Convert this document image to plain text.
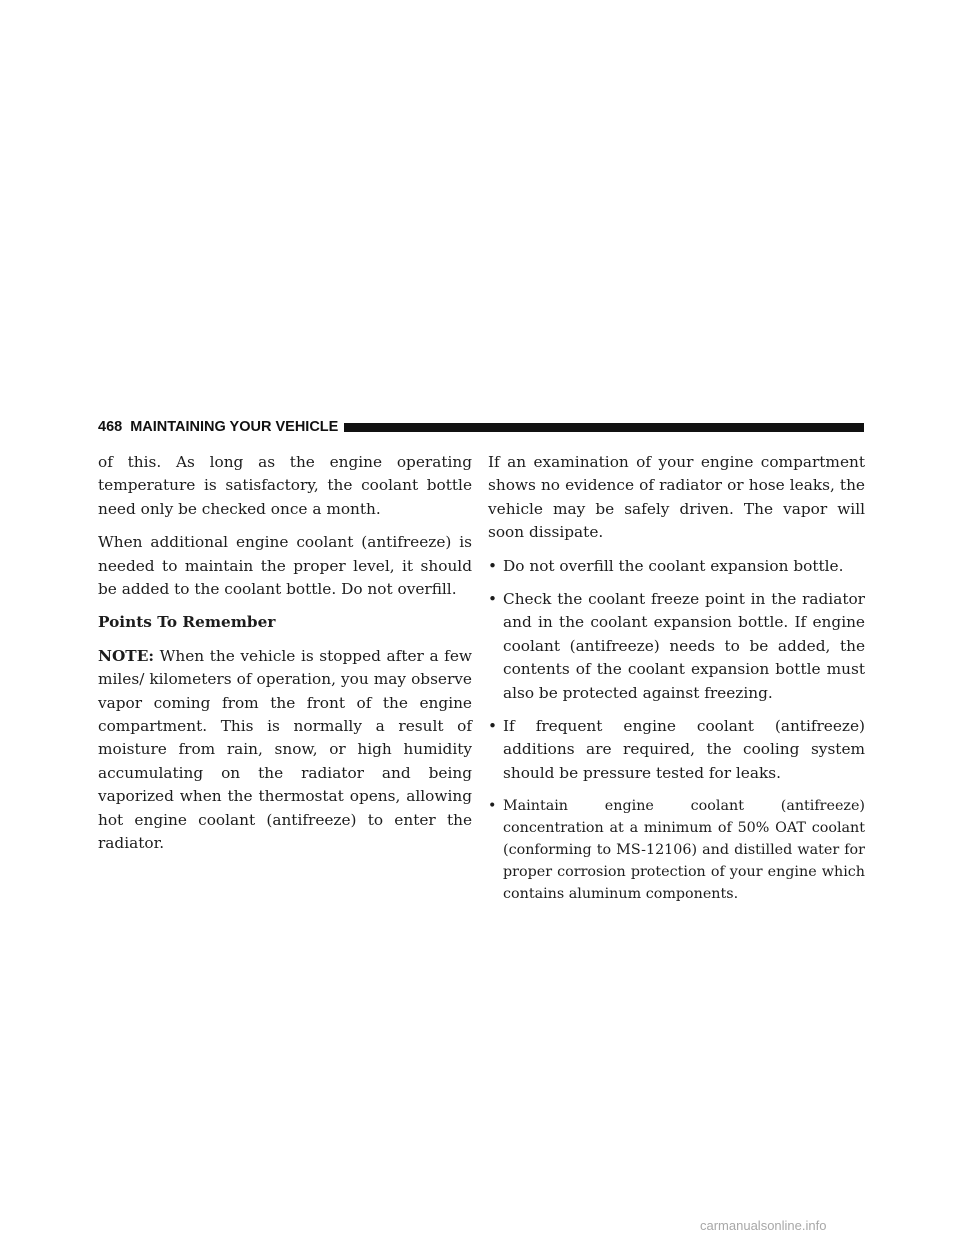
468 MAINTAINING YOUR VEHICLE

of this. As long as the engine operating temperature is satisfactory, the coolant bottle need only be checked once a month.

When additional engine coolant (antifreeze) is needed to maintain the proper level, it should be added to the coolant bottle. Do not overfill.

Points To Remember

NOTE: When the vehicle is stopped after a few miles/ kilometers of operation, you may observe vapor coming from the front of the engine compartment. This is normally a result of moisture from rain, snow, or high humidity accumulating on the radiator and being vaporized when the thermostat opens, allowing hot engine coolant (antifreeze) to enter the radiator.

If an examination of your engine compartment shows no evidence of radiator or hose leaks, the vehicle may be safely driven. The vapor will soon dissipate.

• Do not overfill the coolant expansion bottle.
• Check the coolant freeze point in the radiator and in the coolant expansion bottle. If engine coolant (antifreeze) needs to be added, the contents of the coolant expansion bottle must also be protected against freezing.
• If frequent engine coolant (antifreeze) additions are required, the cooling system should be pressure tested for leaks.
• Maintain engine coolant (antifreeze) concentration at a minimum of 50% OAT coolant (conforming to MS-12106) and distilled water for proper corrosion protection of your engine which contains aluminum components.
carmanualsonline.info
